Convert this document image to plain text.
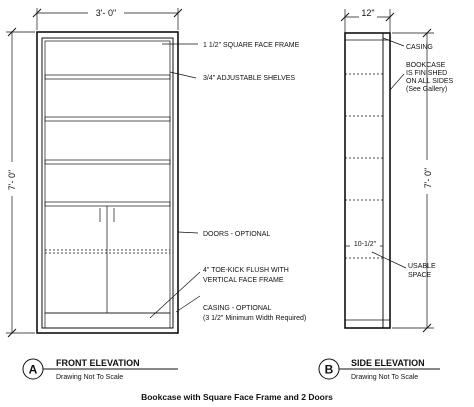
3'- 0"
7'- 0"
1 1/2" SQUARE FACE FRAME
3/4" ADJUSTABLE SHELVES
DOORS - OPTIONAL
4" TOE-KICK FLUSH WITH
VERTICAL FACE FRAME
CASING - OPTIONAL
(3 1/2" Minimum Width Required)
12"
7'- 0"
10-1/2"
CASING
BOOKCASE
IS FINISHED
ON ALL SIDES
(See Gallery)
USABLE
SPACE
A FRONT ELEVATION
Drawing Not To Scale
B SIDE ELEVATION
Drawing Not To Scale
Bookcase with Square Face Frame and 2 Doors
